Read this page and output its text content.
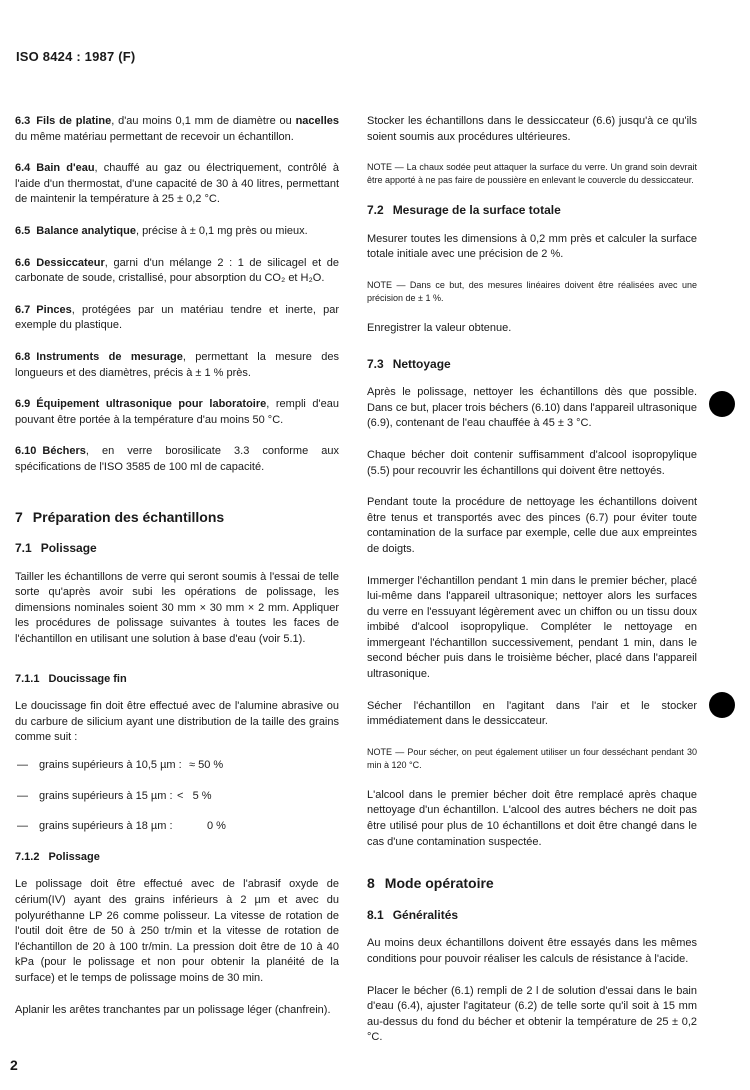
ISO 8424 : 1987 (F)

6.3 Fils de platine, d'au moins 0,1 mm de diamètre ou nacelles du même matériau permettant de recevoir un échantillon.

6.4 Bain d'eau, chauffé au gaz ou électriquement, contrôlé à l'aide d'un thermostat, d'une capacité de 30 à 40 litres, permettant de maintenir la température à 25 ± 0,2 °C.

6.5 Balance analytique, précise à ± 0,1 mg près ou mieux.

6.6 Dessiccateur, garni d'un mélange 2 : 1 de silicagel et de carbonate de soude, cristallisé, pour absorption du CO₂ et H₂O.

6.7 Pinces, protégées par un matériau tendre et inerte, par exemple du plastique.

6.8 Instruments de mesurage, permettant la mesure des longueurs et des diamètres, précis à ± 1 % près.

6.9 Équipement ultrasonique pour laboratoire, rempli d'eau pouvant être portée à la température d'au moins 50 °C.

6.10 Béchers, en verre borosilicate 3.3 conforme aux spécifications de l'ISO 3585 de 100 ml de capacité.

7 Préparation des échantillons
7.1 Polissage

Tailler les échantillons de verre qui seront soumis à l'essai de telle sorte qu'après avoir subi les opérations de polissage, les dimensions nominales soient 30 mm × 30 mm × 2 mm. Appliquer les procédures de polissage suivantes à toutes les faces de l'échantillon en utilisant une solution à base d'eau (voir 5.1).

7.1.1 Doucissage fin

Le doucissage fin doit être effectué avec de l'alumine abrasive ou du carbure de silicium ayant une distribution de la taille des grains comme suit :

—	grains supérieurs à 10,5 µm : ≈ 50 %
—	grains supérieurs à 15 µm : <   5 %
—	grains supérieurs à 18 µm :	0 %
7.1.2 Polissage

Le polissage doit être effectué avec de l'abrasif oxyde de cérium(IV) ayant des grains inférieurs à 2 µm et avec du polyuréthanne LP 26 comme polisseur. La vitesse de rotation de l'outil doit être de 50 à 250 tr/min et la vitesse de rotation de l'échantillon de 20 à 100 tr/min. La pression doit être de 10 à 40 kPa (pour le polissage et non pour obtenir la planéité de la surface) et le temps de polissage moins de 30 min.

Aplanir les arêtes tranchantes par un polissage léger (chanfrein).

Stocker les échantillons dans le dessiccateur (6.6) jusqu'à ce qu'ils soient soumis aux procédures ultérieures.

NOTE — La chaux sodée peut attaquer la surface du verre. Un grand soin devrait être apporté à ne pas faire de poussière en enlevant le couvercle du dessiccateur.

7.2 Mesurage de la surface totale

Mesurer toutes les dimensions à 0,2 mm près et calculer la surface totale initiale avec une précision de 2 %.

NOTE — Dans ce but, des mesures linéaires doivent être réalisées avec une précision de ± 1 %.

Enregistrer la valeur obtenue.

7.3 Nettoyage

Après le polissage, nettoyer les échantillons dès que possible. Dans ce but, placer trois béchers (6.10) dans l'appareil ultrasonique (6.9), contenant de l'eau chauffée à 45 ± 3 °C.

Chaque bécher doit contenir suffisamment d'alcool isopropylique (5.5) pour recouvrir les échantillons qui doivent être nettoyés.

Pendant toute la procédure de nettoyage les échantillons doivent être tenus et transportés avec des pinces (6.7) pour éviter toute contamination de la surface par exemple, celle due aux empreintes de doigts.

Immerger l'échantillon pendant 1 min dans le premier bécher, placé lui-même dans l'appareil ultrasonique; nettoyer alors les surfaces du verre en l'essuyant légèrement avec un chiffon ou un tissu doux imbibé d'alcool isopropylique. Compléter le nettoyage en immergeant l'échantillon successivement, pendant 1 min, dans le second bécher puis dans le troisième bécher, placé dans l'appareil ultrasonique.

Sécher l'échantillon en l'agitant dans l'air et le stocker immédiatement dans le dessiccateur.

NOTE — Pour sécher, on peut également utiliser un four desséchant pendant 30 min à 120 °C.

L'alcool dans le premier bécher doit être remplacé après chaque nettoyage d'un échantillon. L'alcool des autres béchers ne doit pas être utilisé pour plus de 10 échantillons et doit être changé dans le cas d'une contamination suspectée.

8 Mode opératoire
8.1 Généralités

Au moins deux échantillons doivent être essayés dans les mêmes conditions pour pouvoir réaliser les calculs de résistance à l'acide.

Placer le bécher (6.1) rempli de 2 l de solution d'essai dans le bain d'eau (6.4), ajuster l'agitateur (6.2) de telle sorte qu'il soit à 15 mm au-dessus du fond du bécher et obtenir la température de 25 ± 0,2 °C.

2
